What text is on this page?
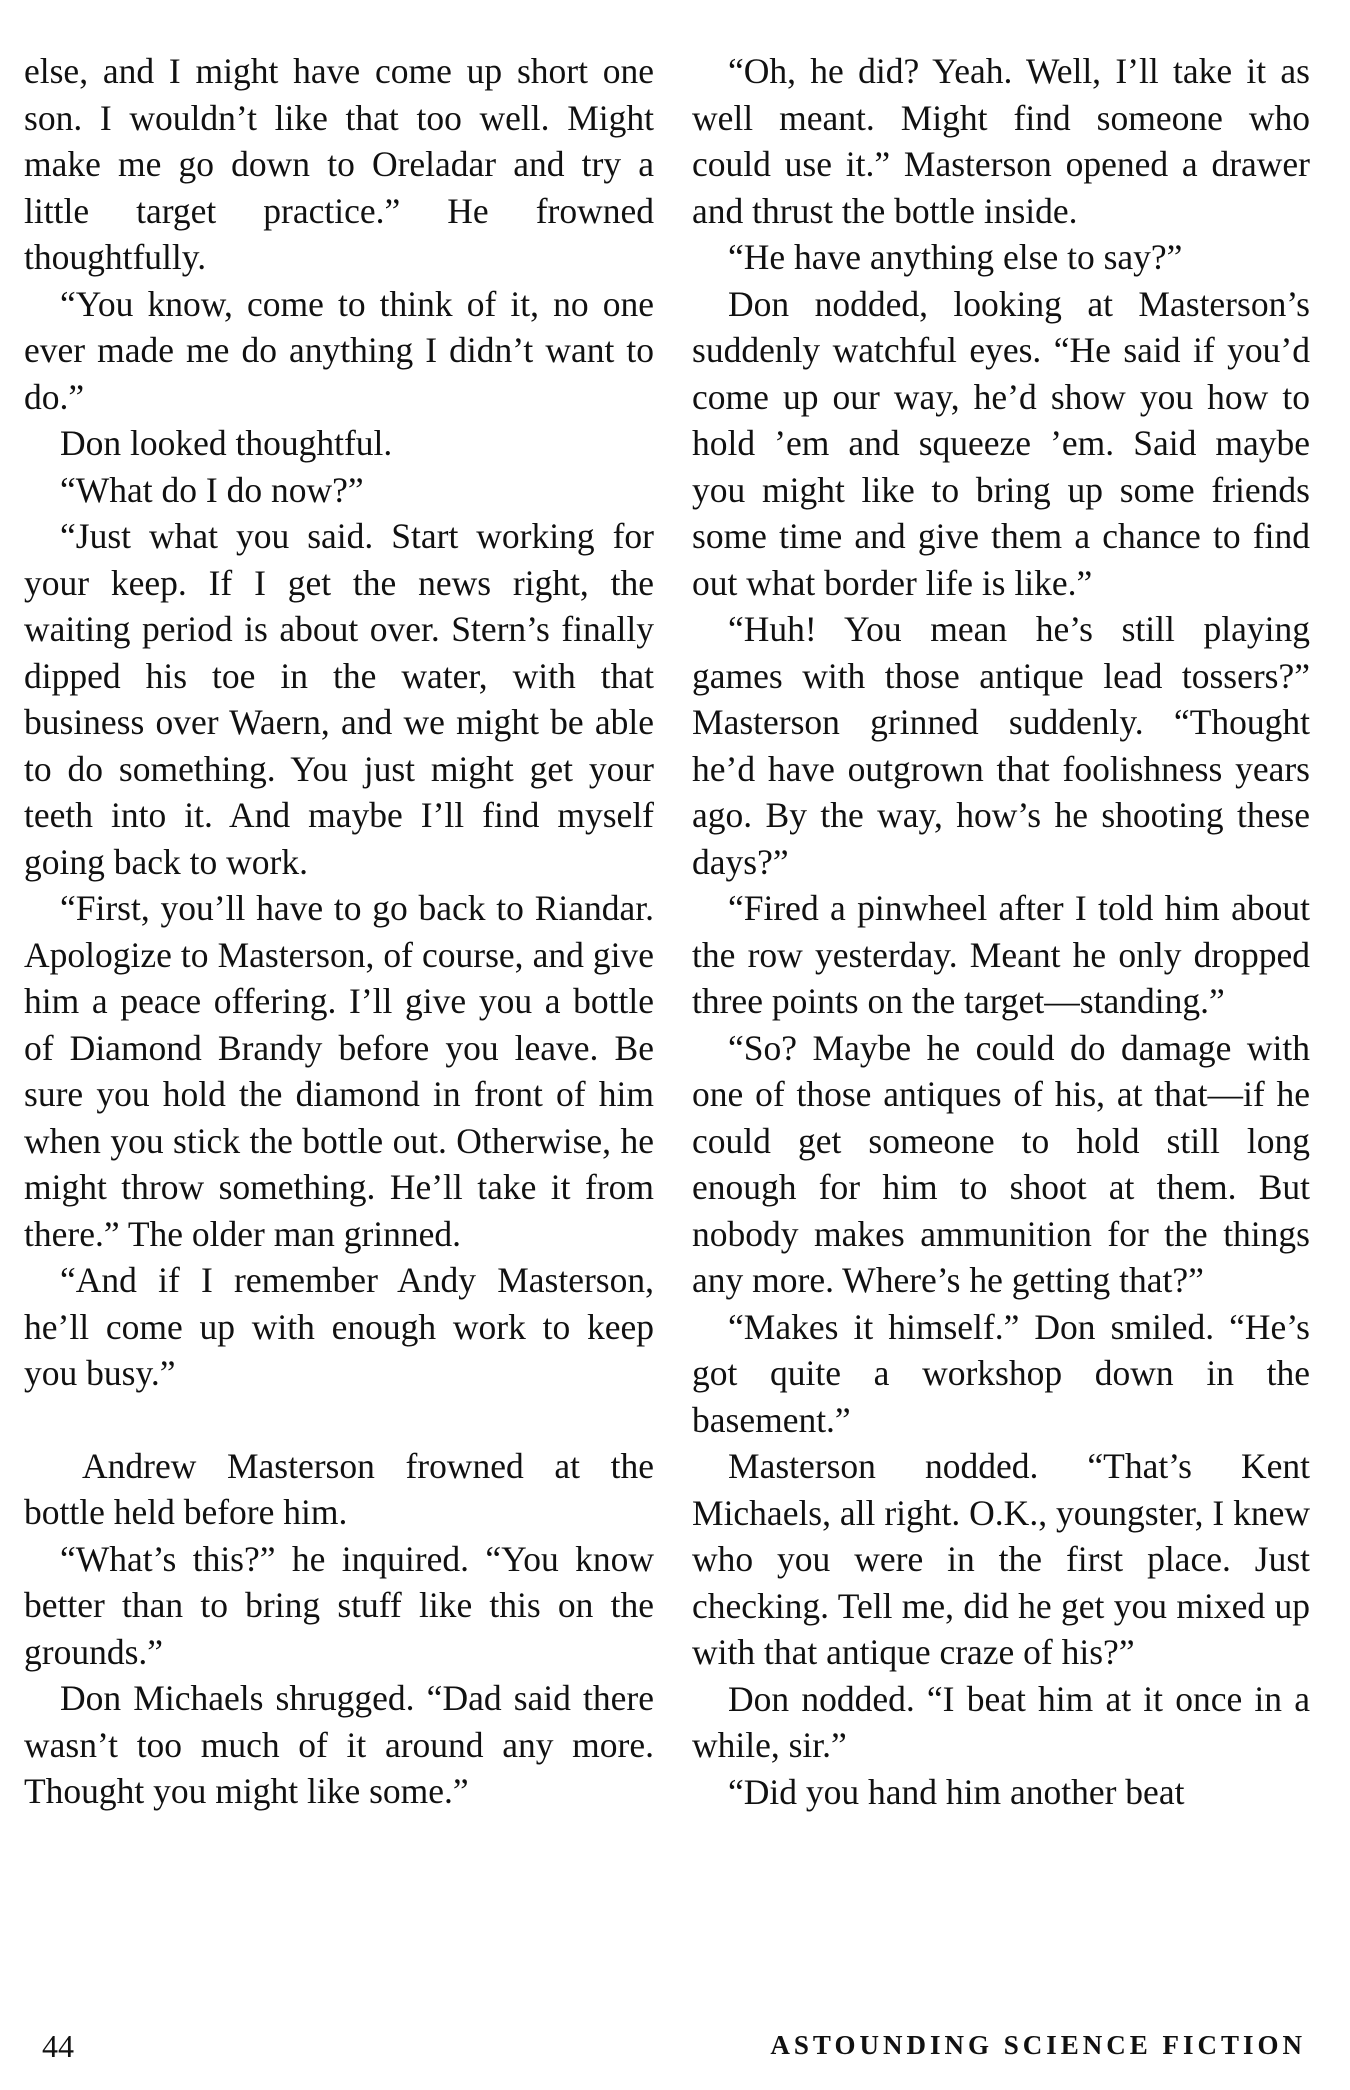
else, and I might have come up short one son. I wouldn’t like that too well. Might make me go down to Oreladar and try a little target practice.” He frowned thoughtfully.

“You know, come to think of it, no one ever made me do anything I didn’t want to do.”

Don looked thoughtful.

“What do I do now?”

“Just what you said. Start working for your keep. If I get the news right, the waiting period is about over. Stern’s finally dipped his toe in the water, with that business over Waern, and we might be able to do something. You just might get your teeth into it. And maybe I’ll find myself going back to work.

“First, you’ll have to go back to Riandar. Apologize to Masterson, of course, and give him a peace offering. I’ll give you a bottle of Diamond Brandy before you leave. Be sure you hold the diamond in front of him when you stick the bottle out. Otherwise, he might throw something. He’ll take it from there.” The older man grinned.

“And if I remember Andy Masterson, he’ll come up with enough work to keep you busy.”

Andrew Masterson frowned at the bottle held before him.

“What’s this?” he inquired. “You know better than to bring stuff like this on the grounds.”

Don Michaels shrugged. “Dad said there wasn’t too much of it around any more. Thought you might like some.”

“Oh, he did? Yeah. Well, I’ll take it as well meant. Might find someone who could use it.” Masterson opened a drawer and thrust the bottle inside.

“He have anything else to say?”

Don nodded, looking at Masterson’s suddenly watchful eyes. “He said if you’d come up our way, he’d show you how to hold ’em and squeeze ’em. Said maybe you might like to bring up some friends some time and give them a chance to find out what border life is like.”

“Huh! You mean he’s still playing games with those antique lead tossers?” Masterson grinned suddenly. “Thought he’d have outgrown that foolishness years ago. By the way, how’s he shooting these days?”

“Fired a pinwheel after I told him about the row yesterday. Meant he only dropped three points on the target—standing.”

“So? Maybe he could do damage with one of those antiques of his, at that—if he could get someone to hold still long enough for him to shoot at them. But nobody makes ammunition for the things any more. Where’s he getting that?”

“Makes it himself.” Don smiled. “He’s got quite a workshop down in the basement.”

Masterson nodded. “That’s Kent Michaels, all right. O.K., youngster, I knew who you were in the first place. Just checking. Tell me, did he get you mixed up with that antique craze of his?”

Don nodded. “I beat him at it once in a while, sir.”

“Did you hand him another beat

44	ASTOUNDING SCIENCE FICTION
